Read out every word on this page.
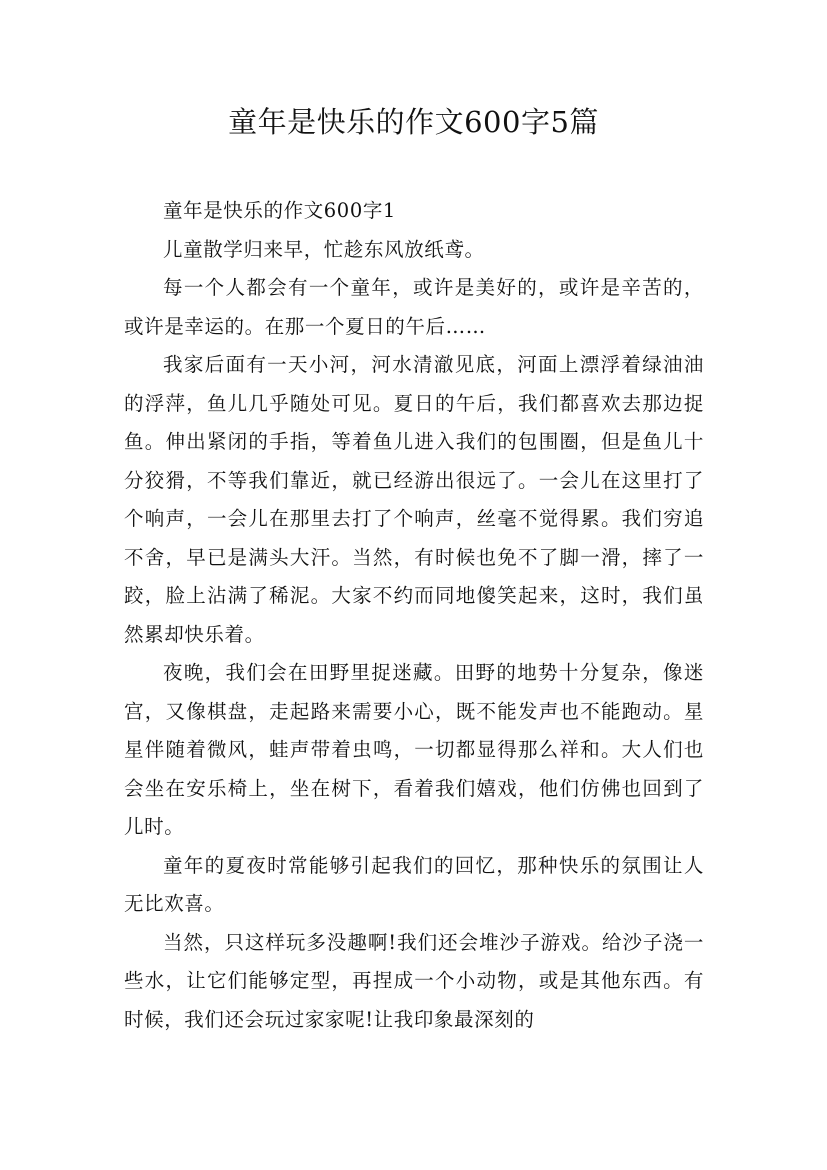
童年是快乐的作文600字5篇

童年是快乐的作文600字1

儿童散学归来早，忙趁东风放纸鸢。

每一个人都会有一个童年，或许是美好的，或许是辛苦的，或许是幸运的。在那一个夏日的午后……

我家后面有一天小河，河水清澈见底，河面上漂浮着绿油油的浮萍，鱼儿几乎随处可见。夏日的午后，我们都喜欢去那边捉鱼。伸出紧闭的手指，等着鱼儿进入我们的包围圈，但是鱼儿十分狡猾，不等我们靠近，就已经游出很远了。一会儿在这里打了个响声，一会儿在那里去打了个响声，丝毫不觉得累。我们穷追不舍，早已是满头大汗。当然，有时候也免不了脚一滑，摔了一跤，脸上沾满了稀泥。大家不约而同地傻笑起来，这时，我们虽然累却快乐着。

夜晚，我们会在田野里捉迷藏。田野的地势十分复杂，像迷宫，又像棋盘，走起路来需要小心，既不能发声也不能跑动。星星伴随着微风，蛙声带着虫鸣，一切都显得那么祥和。大人们也会坐在安乐椅上，坐在树下，看着我们嬉戏，他们仿佛也回到了儿时。

童年的夏夜时常能够引起我们的回忆，那种快乐的氛围让人无比欢喜。

当然，只这样玩多没趣啊!我们还会堆沙子游戏。给沙子浇一些水，让它们能够定型，再捏成一个小动物，或是其他东西。有时候，我们还会玩过家家呢!让我印象最深刻的
